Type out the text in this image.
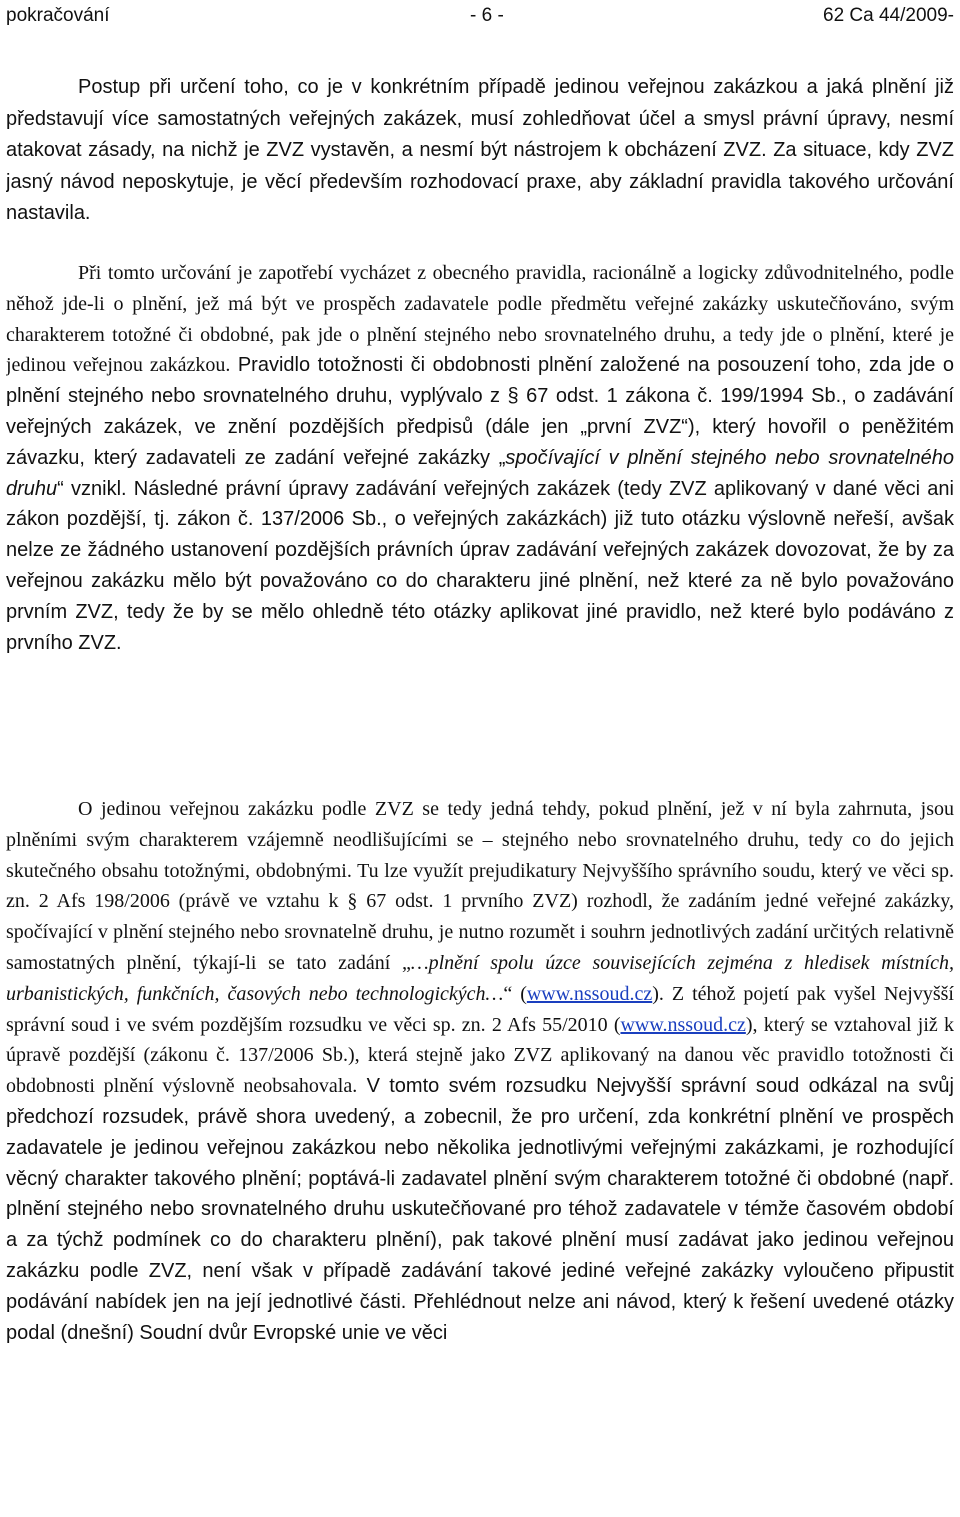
pokračování	- 6 -	62 Ca 44/2009-
Postup při určení toho, co je v konkrétním případě jedinou veřejnou zakázkou a jaká plnění již představují více samostatných veřejných zakázek, musí zohledňovat účel a smysl právní úpravy, nesmí atakovat zásady, na nichž je ZVZ vystavěn, a nesmí být nástrojem k obcházení ZVZ. Za situace, kdy ZVZ jasný návod neposkytuje, je věcí především rozhodovací praxe, aby základní pravidla takového určování nastavila.
Při tomto určování je zapotřebí vycházet z obecného pravidla, racionálně a logicky zdůvodnitelného, podle něhož jde-li o plnění, jež má být ve prospěch zadavatele podle předmětu veřejné zakázky uskutečňováno, svým charakterem totožné či obdobné, pak jde o plnění stejného nebo srovnatelného druhu, a tedy jde o plnění, které je jedinou veřejnou zakázkou. Pravidlo totožnosti či obdobnosti plnění založené na posouzení toho, zda jde o plnění stejného nebo srovnatelného druhu, vyplývalo z § 67 odst. 1 zákona č. 199/1994 Sb., o zadávání veřejných zakázek, ve znění pozdějších předpisů (dále jen „první ZVZ“), který hovořil o peněžitém závazku, který zadavateli ze zadání veřejné zakázky „spočívající v plnění stejného nebo srovnatelného druhu“ vznikl. Následné právní úpravy zadávání veřejných zakázek (tedy ZVZ aplikovaný v dané věci ani zákon pozdější, tj. zákon č. 137/2006 Sb., o veřejných zakázkách) již tuto otázku výslovně neřeší, avšak nelze ze žádného ustanovení pozdějších právních úprav zadávání veřejných zakázek dovozovat, že by za veřejnou zakázku mělo být považováno co do charakteru jiné plnění, než které za ně bylo považováno prvním ZVZ, tedy že by se mělo ohledně této otázky aplikovat jiné pravidlo, než které bylo podáváno z prvního ZVZ.
O jedinou veřejnou zakázku podle ZVZ se tedy jedná tehdy, pokud plnění, jež v ní byla zahrnuta, jsou plněními svým charakterem vzájemně neodlišujícími se – stejného nebo srovnatelného druhu, tedy co do jejich skutečného obsahu totožnými, obdobnými. Tu lze využít prejudikatury Nejvyššího správního soudu, který ve věci sp. zn. 2 Afs 198/2006 (právě ve vztahu k § 67 odst. 1 prvního ZVZ) rozhodl, že zadáním jedné veřejné zakázky, spočívající v plnění stejného nebo srovnatelně druhu, je nutno rozumět i souhrn jednotlivých zadání určitých relativně samostatných plnění, týkají-li se tato zadání „…plnění spolu úzce souvisejících zejména z hledisek místních, urbanistických, funkčních, časových nebo technologických…“ (www.nssoud.cz). Z téhož pojetí pak vyšel Nejvyšší správní soud i ve svém pozdějším rozsudku ve věci sp. zn. 2 Afs 55/2010 (www.nssoud.cz), který se vztahoval již k úpravě pozdější (zákonu č. 137/2006 Sb.), která stejně jako ZVZ aplikovaný na danou věc pravidlo totožnosti či obdobnosti plnění výslovně neobsahovala. V tomto svém rozsudku Nejvyšší správní soud odkázal na svůj předchozí rozsudek, právě shora uvedený, a zobecnil, že pro určení, zda konkrétní plnění ve prospěch zadavatele je jedinou veřejnou zakázkou nebo několika jednotlivými veřejnými zakázkami, je rozhodující věcný charakter takového plnění; poptává-li zadavatel plnění svým charakterem totožné či obdobné (např. plnění stejného nebo srovnatelného druhu uskutečňované pro téhož zadavatele v témže časovém období a za týchž podmínek co do charakteru plnění), pak takové plnění musí zadávat jako jedinou veřejnou zakázku podle ZVZ, není však v případě zadávání takové jediné veřejné zakázky vyloučeno připustit podávání nabídek jen na její jednotlivé části. Přehlédnout nelze ani návod, který k řešení uvedené otázky podal (dnešní) Soudní dvůr Evropské unie ve věci
